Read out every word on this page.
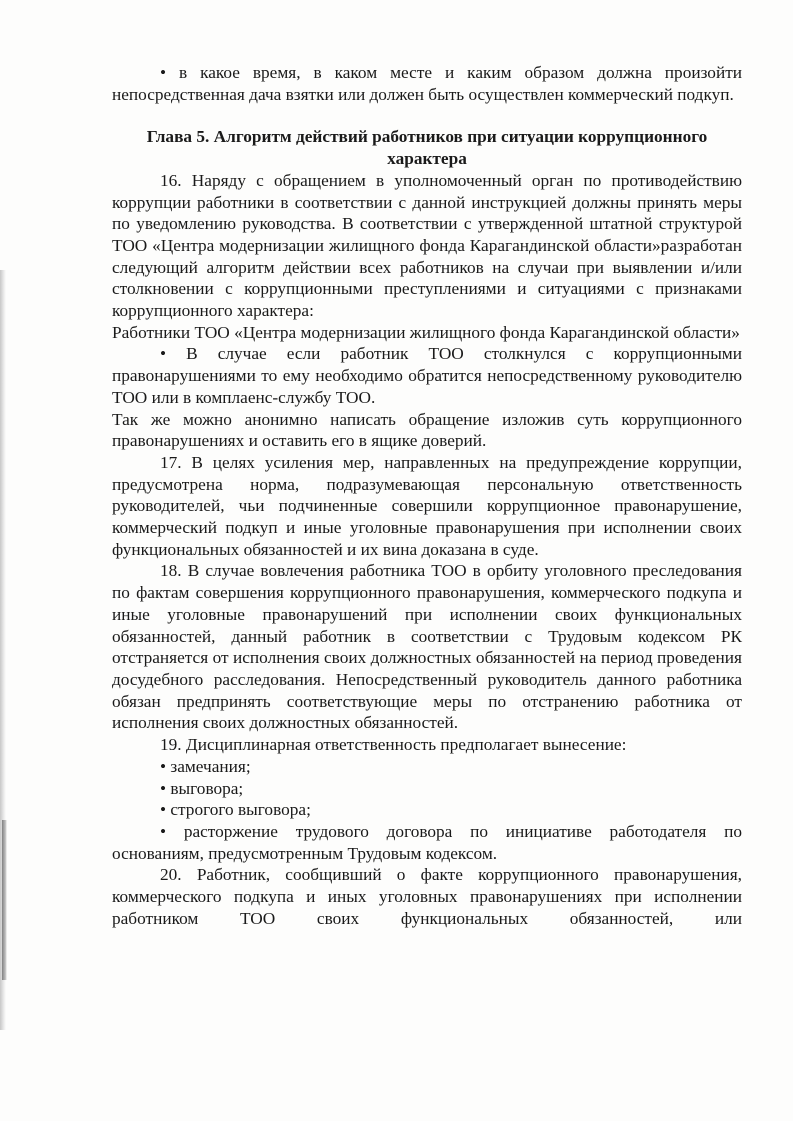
• в какое время, в каком месте и каким образом должна произойти непосредственная дача взятки или должен быть осуществлен коммерческий подкуп.

Глава 5. Алгоритм действий работников при ситуации коррупционного характера

16. Наряду с обращением в уполномоченный орган по противодействию коррупции работники в соответствии с данной инструкцией должны принять меры по уведомлению руководства. В соответствии с утвержденной штатной структурой ТОО «Центра модернизации жилищного фонда Карагандинской области»разработан следующий алгоритм действии всех работников на случаи при выявлении и/или столкновении с коррупционными преступлениями и ситуациями с признаками коррупционного характера:

Работники ТОО «Центра модернизации жилищного фонда Карагандинской области»

• В случае если работник ТОО столкнулся с коррупционными правонарушениями то ему необходимо обратится непосредственному руководителю ТОО или в комплаенс-службу ТОО.

Так же можно анонимно написать обращение изложив суть коррупционного правонарушениях и оставить его в ящике доверий.

17. В целях усиления мер, направленных на предупреждение коррупции, предусмотрена норма, подразумевающая персональную ответственность руководителей, чьи подчиненные совершили коррупционное правонарушение, коммерческий подкуп и иные уголовные правонарушения при исполнении своих функциональных обязанностей и их вина доказана в суде.

18. В случае вовлечения работника ТОО в орбиту уголовного преследования по фактам совершения коррупционного правонарушения, коммерческого подкупа и иные уголовные правонарушений при исполнении своих функциональных обязанностей, данный работник в соответствии с Трудовым кодексом РК отстраняется от исполнения своих должностных обязанностей на период проведения досудебного расследования. Непосредственный руководитель данного работника обязан предпринять соответствующие меры по отстранению работника от исполнения своих должностных обязанностей.

19. Дисциплинарная ответственность предполагает вынесение:

• замечания;

• выговора;

• строгого выговора;

• расторжение трудового договора по инициативе работодателя по основаниям, предусмотренным Трудовым кодексом.

20. Работник, сообщивший о факте коррупционного правонарушения, коммерческого подкупа и иных уголовных правонарушениях при исполнении работником ТОО своих функциональных обязанностей, или
